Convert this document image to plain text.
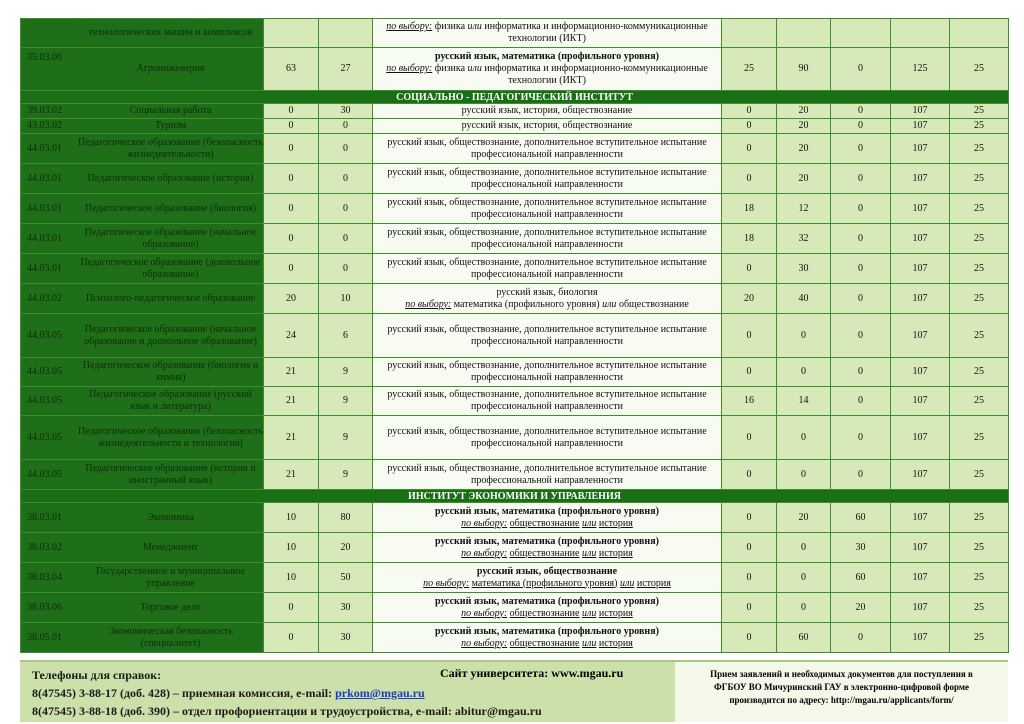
	технологических машин и комплексов			по выбору: физика или информатика и информационно-коммуникационные технологии (ИКТ)					
35.03.06	Агроинженерия	63	27	русский язык, математика (профильного уровня)
по выбору: физика или информатика и информационно-коммуникационные технологии (ИКТ)	25	90	0	125	25
СОЦИАЛЬНО - ПЕДАГОГИЧЕСКИЙ ИНСТИТУТ									
39.03.02	Социальная работа	0	30	русский язык, история, обществознание	0	20	0	107	25
43.03.02	Туризм	0	0	русский язык, история, обществознание	0	20	0	107	25
44.03.01	Педагогическое образование (безопасность жизнедеятельности)	0	0	русский язык, обществознание, дополнительное вступительное испытание профессиональной направленности	0	20	0	107	25
44.03.01	Педагогическое образование (история)	0	0	русский язык, обществознание, дополнительное вступительное испытание профессиональной направленности	0	20	0	107	25
44.03.01	Педагогическое образование (биология)	0	0	русский язык, обществознание, дополнительное вступительное испытание профессиональной направленности	18	12	0	107	25
44.03.01	Педагогическое образование (начальное образование)	0	0	русский язык, обществознание, дополнительное вступительное испытание профессиональной направленности	18	32	0	107	25
44.03.01	Педагогическое образование (дошкольное образование)	0	0	русский язык, обществознание, дополнительное вступительное испытание профессиональной направленности	0	30	0	107	25
44.03.02	Психолого-педагогическое образование	20	10	русский язык, биология
по выбору: математика (профильного уровня) или обществознание	20	40	0	107	25
44.03.05	Педагогическое образование (начальное образование и дошкольное образование)	24	6	русский язык, обществознание, дополнительное вступительное испытание профессиональной направленности	0	0	0	107	25
44.03.05	Педагогическое образование (биология и химия)	21	9	русский язык, обществознание, дополнительное вступительное испытание профессиональной направленности	0	0	0	107	25
44.03.05	Педагогическое образование (русский язык и литература)	21	9	русский язык, обществознание, дополнительное вступительное испытание профессиональной направленности	16	14	0	107	25
44.03.05	Педагогическое образование (безопасность жизнедеятельности и технология)	21	9	русский язык, обществознание, дополнительное вступительное испытание профессиональной направленности	0	0	0	107	25
44.03.05	Педагогическое образование (история и иностранный язык)	21	9	русский язык, обществознание, дополнительное вступительное испытание профессиональной направленности	0	0	0	107	25
ИНСТИТУТ ЭКОНОМИКИ И УПРАВЛЕНИЯ									
38.03.01	Экономика	10	80	русский язык, математика (профильного уровня)
по выбору: обществознание или история	0	20	60	107	25
38.03.02	Менеджмент	10	20	русский язык, математика (профильного уровня)
по выбору: обществознание или история	0	0	30	107	25
38.03.04	Государственное и муниципальное управление	10	50	русский язык, обществознание
по выбору: математика (профильного уровня) или история	0	0	60	107	25
38.03.06	Торговое дело	0	30	русский язык, математика (профильного уровня)
по выбору: обществознание или история	0	0	20	107	25
38.05.01	Экономическая безопасность (специалитет)	0	30	русский язык, математика (профильного уровня)
по выбору: обществознание или история	0	60	0	107	25
Телефоны для справок:
8(47545) 3-88-17 (доб. 428) – приемная комиссия, e-mail: prkom@mgau.ru
8(47545) 3-88-18 (доб. 390) – отдел профориентации и трудоустройства, e-mail: abitur@mgau.ru
Сайт университета: www.mgau.ru	Прием заявлений и необходимых документов для поступления в
ФГБОУ ВО Мичуринский ГАУ в электронно-цифровой форме
производится по адресу: http://mgau.ru/applicants/form/
